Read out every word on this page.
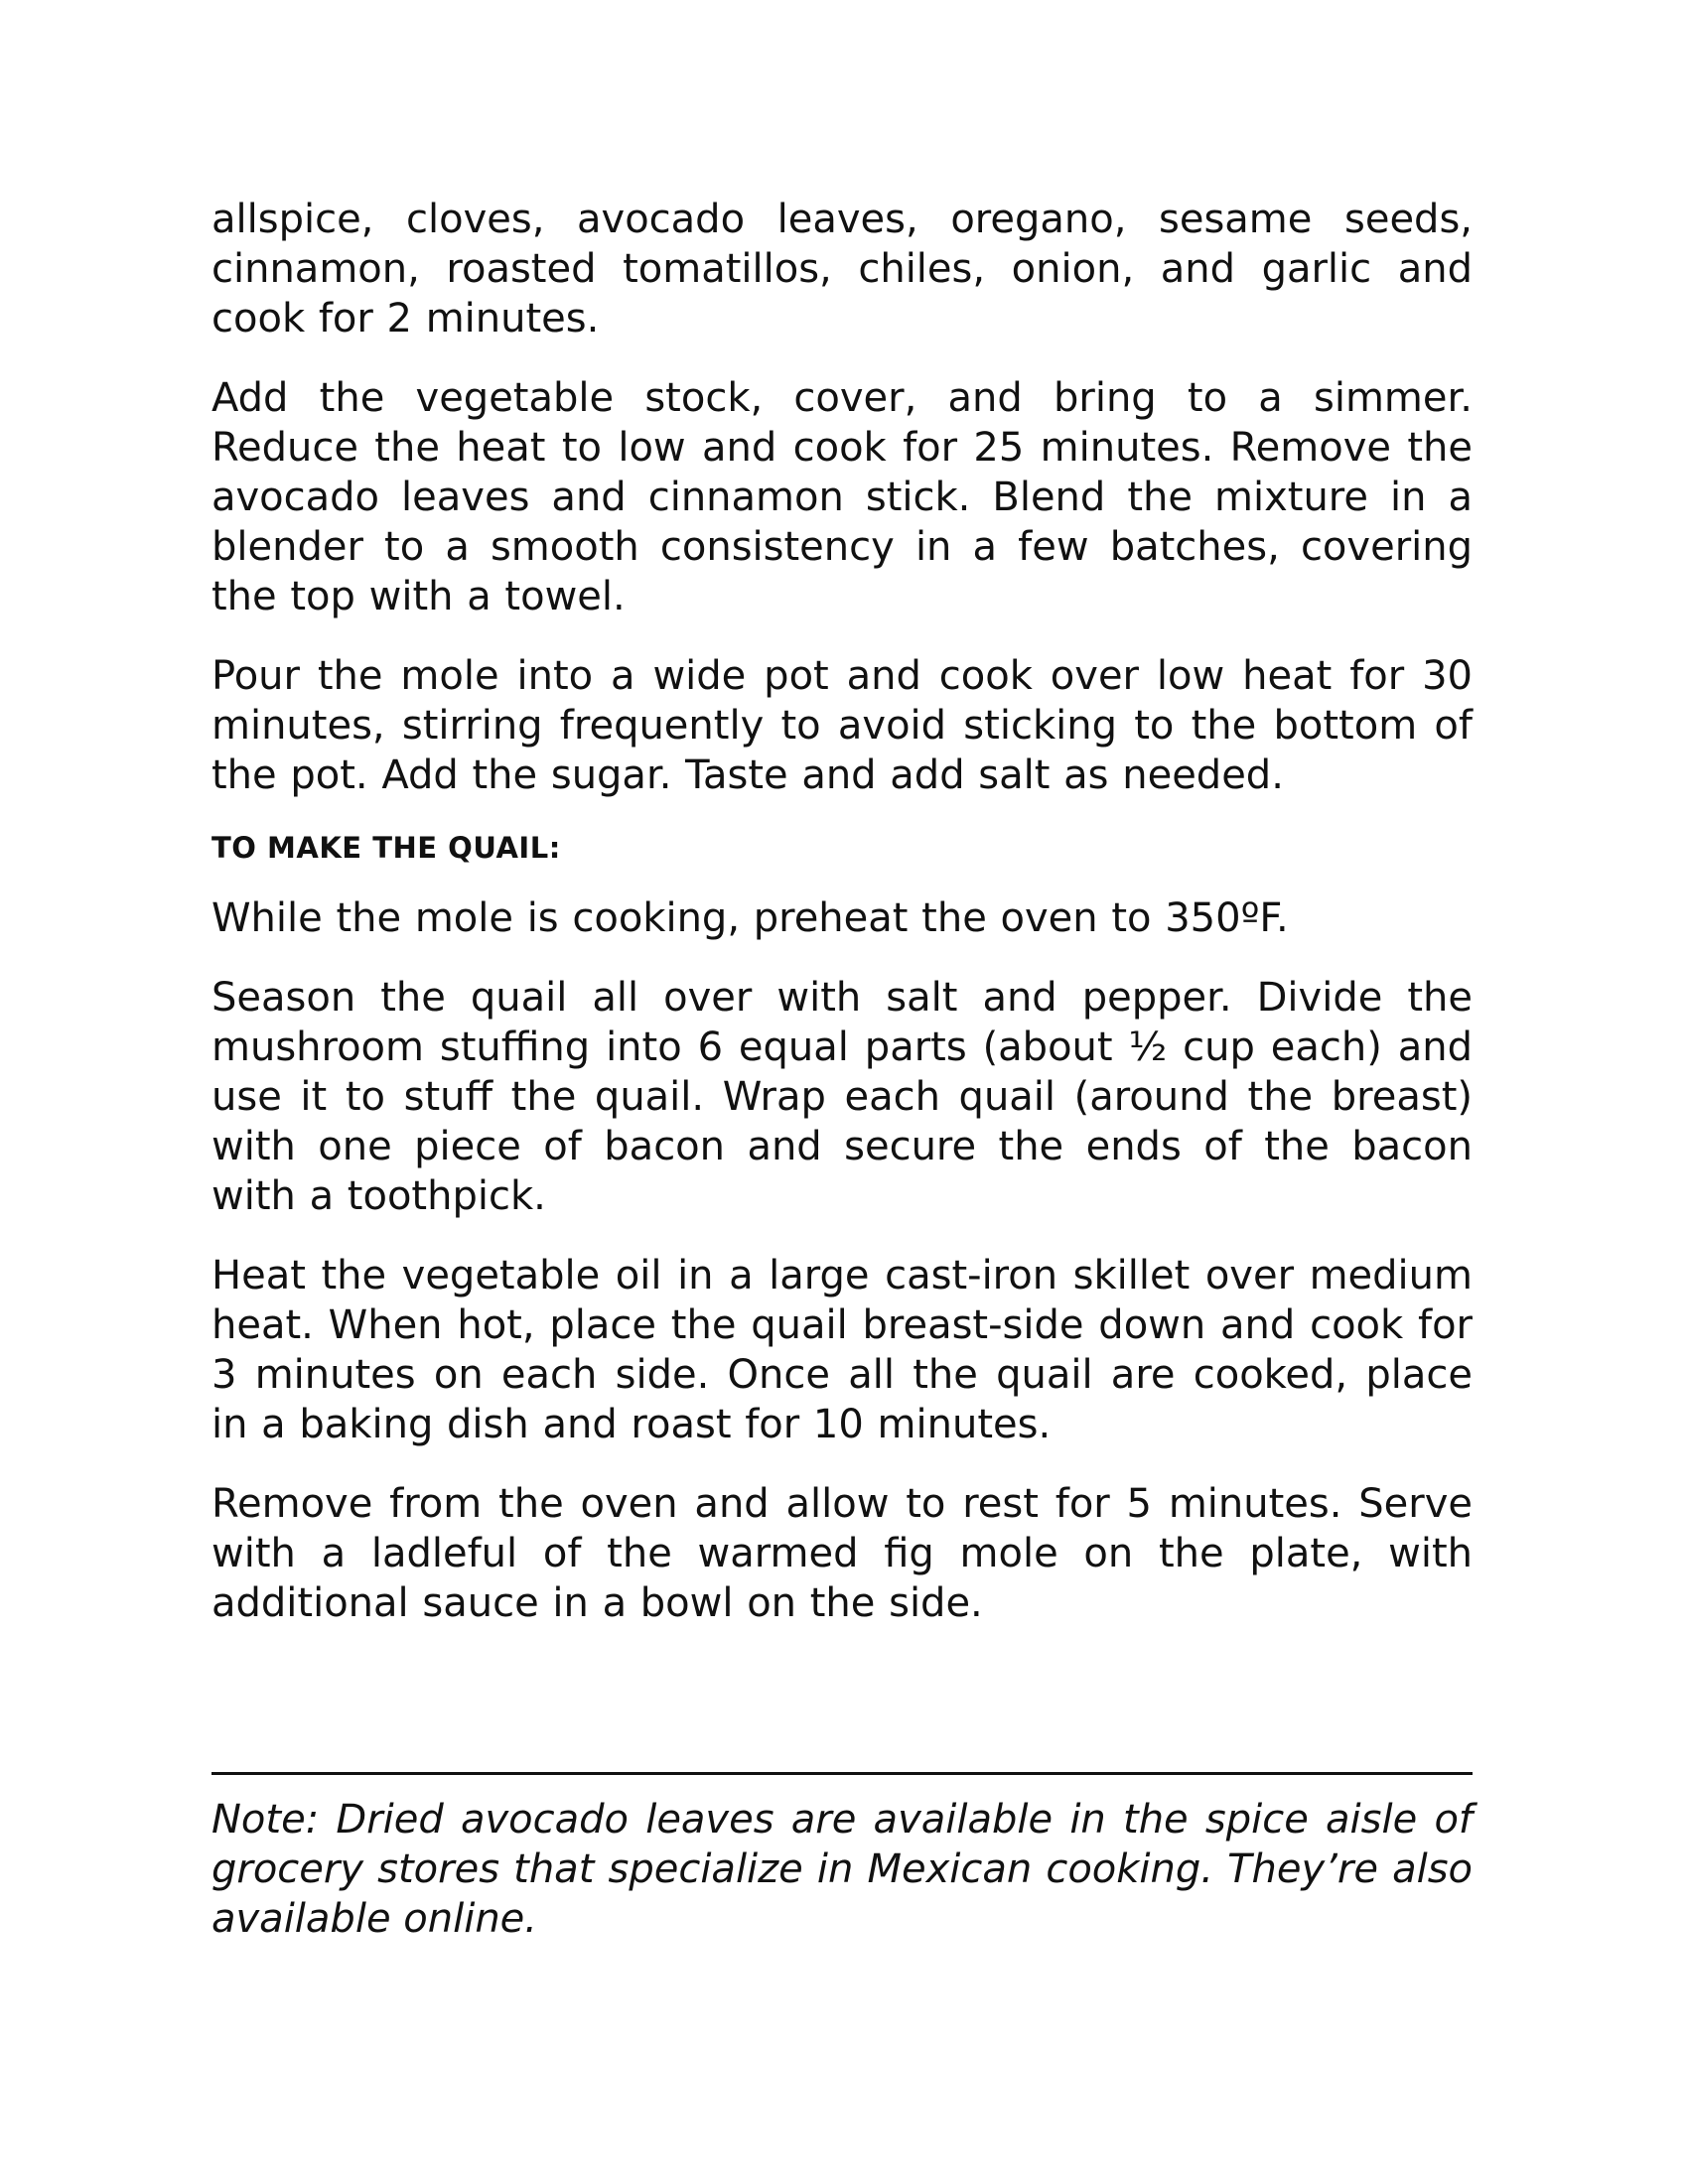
allspice, cloves, avocado leaves, oregano, sesame seeds, cinnamon, roasted tomatillos, chiles, onion, and garlic and cook for 2 minutes.

Add the vegetable stock, cover, and bring to a simmer. Reduce the heat to low and cook for 25 minutes. Remove the avocado leaves and cinnamon stick. Blend the mixture in a blender to a smooth consistency in a few batches, covering the top with a towel.

Pour the mole into a wide pot and cook over low heat for 30 minutes, stirring frequently to avoid sticking to the bottom of the pot. Add the sugar. Taste and add salt as needed.

TO MAKE THE QUAIL:

While the mole is cooking, preheat the oven to 350ºF.

Season the quail all over with salt and pepper. Divide the mushroom stuffing into 6 equal parts (about ½ cup each) and use it to stuff the quail. Wrap each quail (around the breast) with one piece of bacon and secure the ends of the bacon with a toothpick.

Heat the vegetable oil in a large cast-iron skillet over medium heat. When hot, place the quail breast-side down and cook for 3 minutes on each side. Once all the quail are cooked, place in a baking dish and roast for 10 minutes.

Remove from the oven and allow to rest for 5 minutes. Serve with a ladleful of the warmed fig mole on the plate, with additional sauce in a bowl on the side.

Note: Dried avocado leaves are available in the spice aisle of grocery stores that specialize in Mexican cooking. They’re also available online.
